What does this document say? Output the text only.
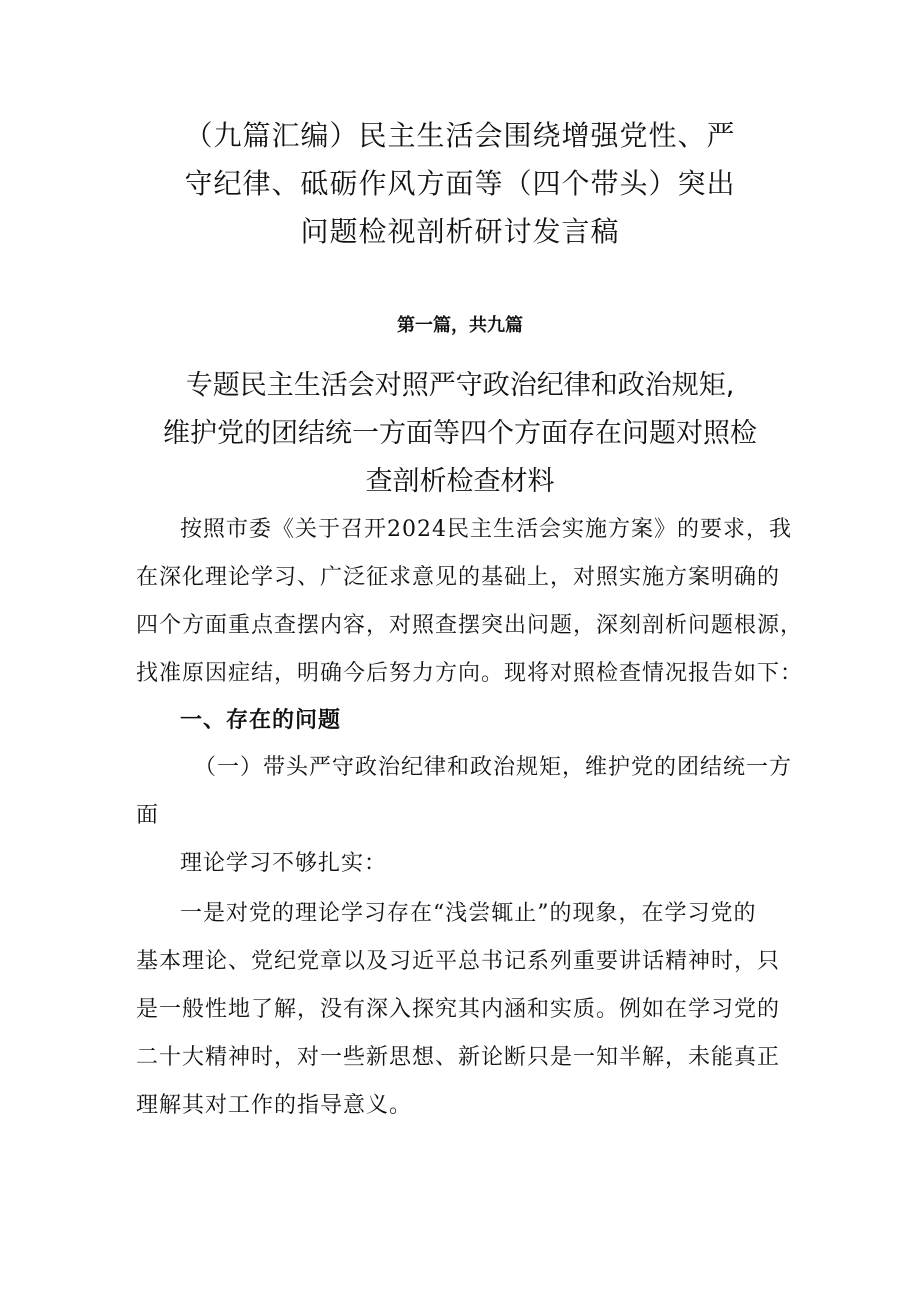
（九篇汇编）民主生活会围绕增强党性、严
守纪律、砥砺作风方面等（四个带头）突出
问题检视剖析研讨发言稿
第一篇，共九篇
专题民主生活会对照严守政治纪律和政治规矩,
维护党的团结统一方面等四个方面存在问题对照检
查剖析检查材料
按照市委《关于召开2024民主生活会实施方案》的要求，我
在深化理论学习、广泛征求意见的基础上，对照实施方案明确的
四个方面重点查摆内容，对照查摆突出问题，深刻剖析问题根源，
找准原因症结，明确今后努力方向。现将对照检查情况报告如下：
一、存在的问题
（一）带头严守政治纪律和政治规矩，维护党的团结统一方
面
理论学习不够扎实：
一是对党的理论学习存在“浅尝辄止”的现象，在学习党的
基本理论、党纪党章以及习近平总书记系列重要讲话精神时，只
是一般性地了解，没有深入探究其内涵和实质。例如在学习党的
二十大精神时，对一些新思想、新论断只是一知半解，未能真正
理解其对工作的指导意义。
